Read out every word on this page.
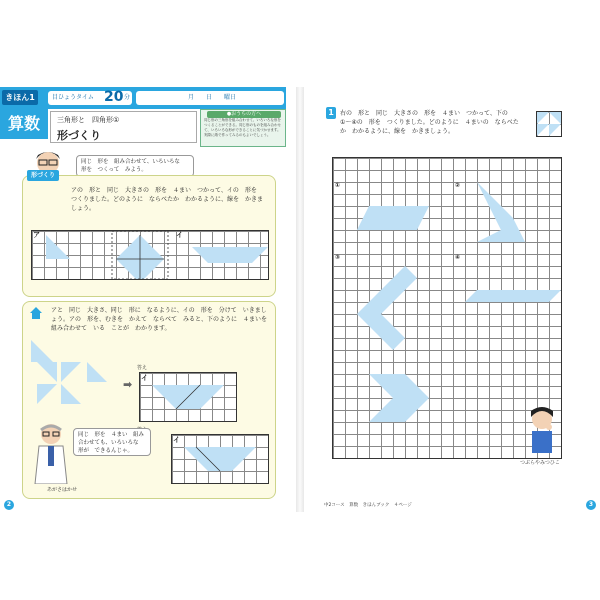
きほん1	目ひょうタイム 20 分	月　　日　　曜日
算数	三角形と　四角形①
形づくり
●おうちの方へ
同じ形の三角形を組み合わせて、いろいろな形をつくることができる。同じ形のものを組み合わせて、いろいろな形ができることに気づかせます。実際に紙で作ってみるのもよいでしょう。
同じ　形を　組み合わせて、いろいろな　形を　つくって　みよう。
形づくり
アの　形と　同じ　大きさの　形を　４まい　つかって、イの　形を　つくりました。どのように　ならべたか　わかるように、線を　かきましょう。
ア	イ
アと　同じ　大きさ、同じ　形に　なるように、イの　形を　分けて　いきましょう。アの　形を、むきを　かえて　ならべて　みると、下のように　４まいを　組み合わせて　いる　ことが　わかります。
答え
➡ イ
イ
同じ　形を　４まい　組み合わせても、いろいろな　形が　できるんじゃ。
あがさはかせ
2
1	右の　形と　同じ　大きさの　形を　４まい　つかって、下の　①〜④の　形を　つくりました。どのように　４まいの　ならべたか　わかるように、線を　かきましょう。
①	②
③	④
つぶらやみつひこ
中2コース　算数　きほんブック　４ページ	3
